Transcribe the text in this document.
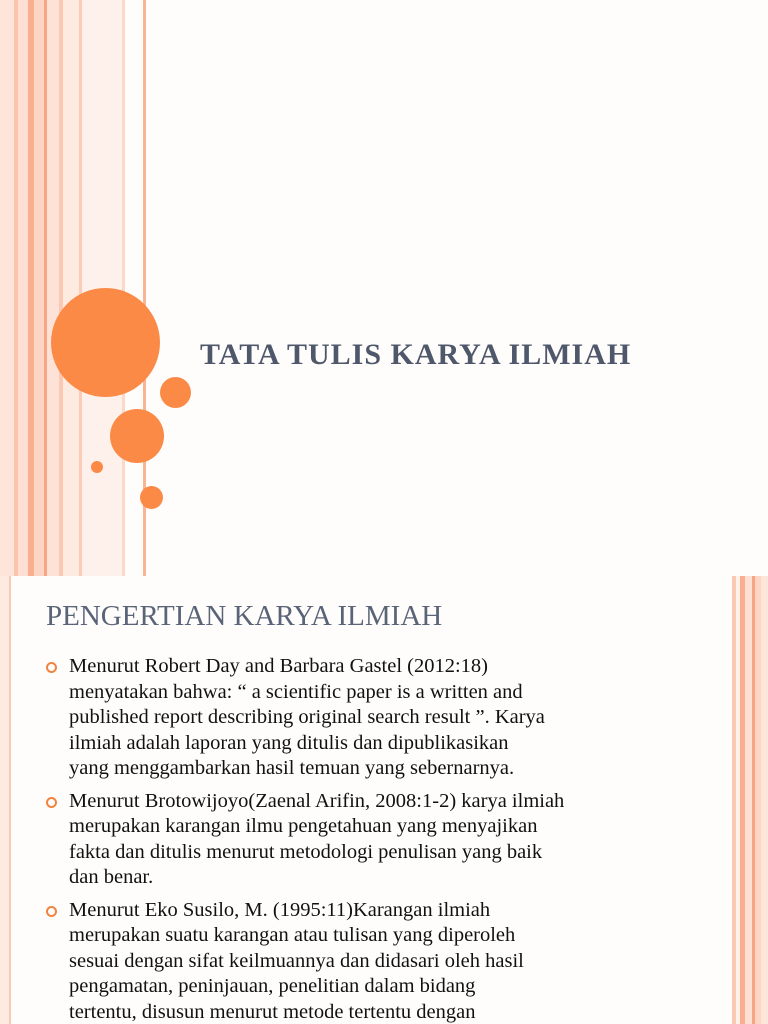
TATA TULIS KARYA ILMIAH
PENGERTIAN KARYA ILMIAH
Menurut Robert Day and Barbara Gastel (2012:18)
menyatakan bahwa: “ a scientific paper is a written and
published report describing original search result ”. Karya
ilmiah adalah laporan yang ditulis dan dipublikasikan
yang menggambarkan hasil temuan yang sebernarnya.
Menurut Brotowijoyo(Zaenal Arifin, 2008:1-2) karya ilmiah
merupakan karangan ilmu pengetahuan yang menyajikan
fakta dan ditulis menurut metodologi penulisan yang baik
dan benar.
Menurut Eko Susilo, M. (1995:11)Karangan ilmiah
merupakan suatu karangan atau tulisan yang diperoleh
sesuai dengan sifat keilmuannya dan didasari oleh hasil
pengamatan, peninjauan, penelitian dalam bidang
tertentu, disusun menurut metode tertentu dengan
